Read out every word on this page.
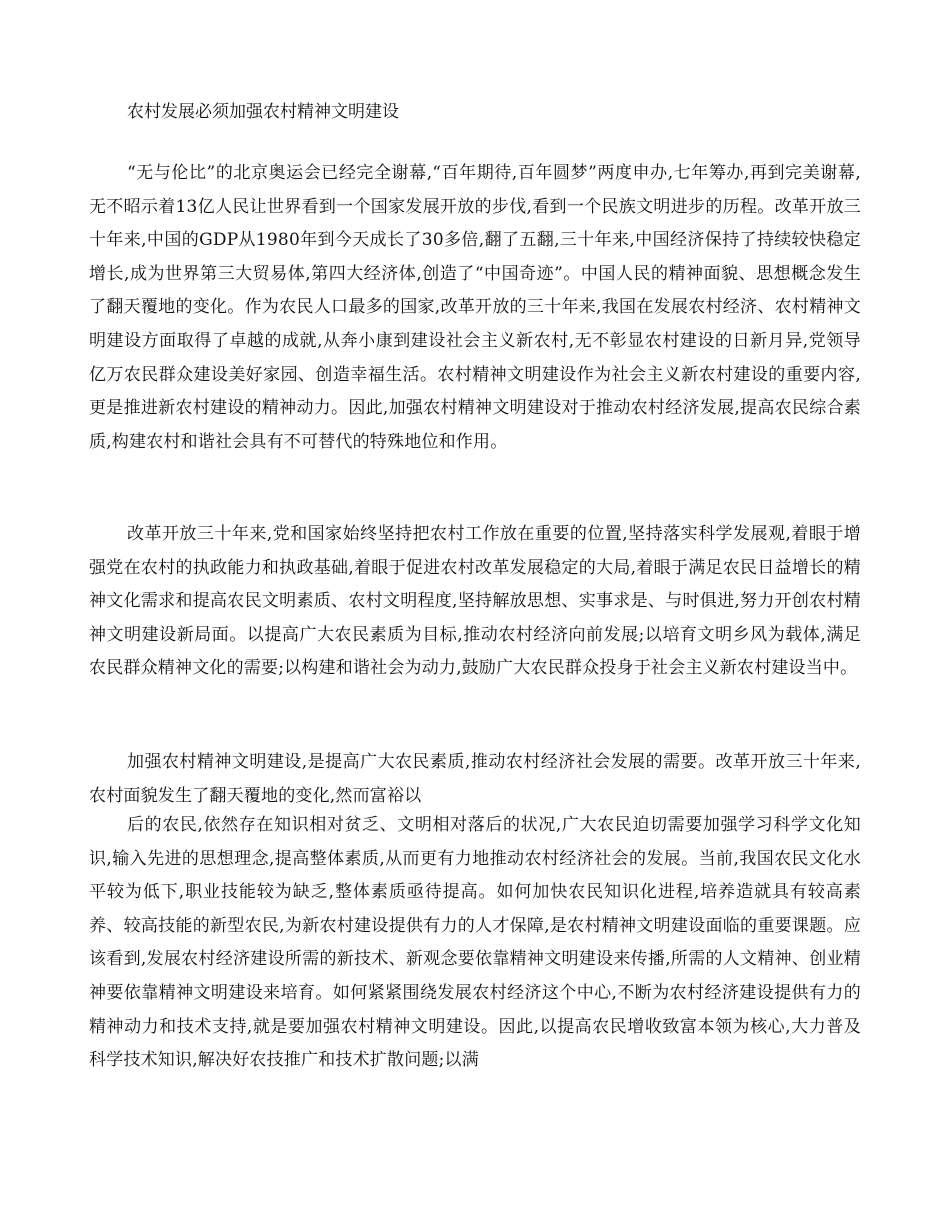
农村发展必须加强农村精神文明建设

“无与伦比”的北京奥运会已经完全谢幕,“百年期待,百年圆梦”两度申办,七年筹办,再到完美谢幕,无不昭示着13亿人民让世界看到一个国家发展开放的步伐,看到一个民族文明进步的历程。改革开放三十年来,中国的GDP从1980年到今天成长了30多倍,翻了五翻,三十年来,中国经济保持了持续较快稳定增长,成为世界第三大贸易体,第四大经济体,创造了“中国奇迹”。中国人民的精神面貌、思想概念发生了翻天覆地的变化。作为农民人口最多的国家,改革开放的三十年来,我国在发展农村经济、农村精神文明建设方面取得了卓越的成就,从奔小康到建设社会主义新农村,无不彰显农村建设的日新月异,党领导亿万农民群众建设美好家园、创造幸福生活。农村精神文明建设作为社会主义新农村建设的重要内容,更是推进新农村建设的精神动力。因此,加强农村精神文明建设对于推动农村经济发展,提高农民综合素质,构建农村和谐社会具有不可替代的特殊地位和作用。

改革开放三十年来,党和国家始终坚持把农村工作放在重要的位置,坚持落实科学发展观,着眼于增强党在农村的执政能力和执政基础,着眼于促进农村改革发展稳定的大局,着眼于满足农民日益增长的精神文化需求和提高农民文明素质、农村文明程度,坚持解放思想、实事求是、与时俱进,努力开创农村精神文明建设新局面。以提高广大农民素质为目标,推动农村经济向前发展;以培育文明乡风为载体,满足农民群众精神文化的需要;以构建和谐社会为动力,鼓励广大农民群众投身于社会主义新农村建设当中。

加强农村精神文明建设,是提高广大农民素质,推动农村经济社会发展的需要。改革开放三十年来,农村面貌发生了翻天覆地的变化,然而富裕以

后的农民,依然存在知识相对贫乏、文明相对落后的状况,广大农民迫切需要加强学习科学文化知识,输入先进的思想理念,提高整体素质,从而更有力地推动农村经济社会的发展。当前,我国农民文化水平较为低下,职业技能较为缺乏,整体素质亟待提高。如何加快农民知识化进程,培养造就具有较高素养、较高技能的新型农民,为新农村建设提供有力的人才保障,是农村精神文明建设面临的重要课题。应该看到,发展农村经济建设所需的新技术、新观念要依靠精神文明建设来传播,所需的人文精神、创业精神要依靠精神文明建设来培育。如何紧紧围绕发展农村经济这个中心,不断为农村经济建设提供有力的精神动力和技术支持,就是要加强农村精神文明建设。因此,以提高农民增收致富本领为核心,大力普及科学技术知识,解决好农技推广和技术扩散问题;以满
